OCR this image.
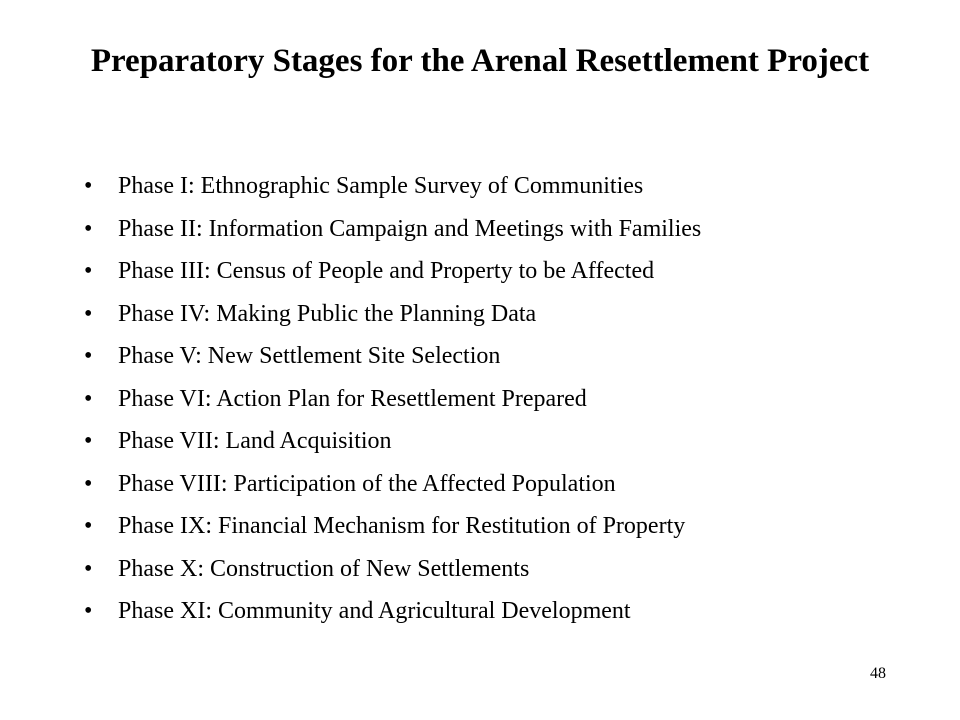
Preparatory Stages for the Arenal Resettlement Project
•	Phase I: Ethnographic Sample Survey of Communities
•	Phase II: Information Campaign and Meetings with Families
•	Phase III: Census of People and Property to be Affected
•	Phase IV: Making Public the Planning Data
•	Phase V: New Settlement Site Selection
•	Phase VI: Action Plan for Resettlement Prepared
•	Phase VII: Land Acquisition
•	Phase VIII: Participation of the Affected Population
•	Phase IX: Financial Mechanism for Restitution of Property
•	Phase X: Construction of New Settlements
•	Phase XI: Community and Agricultural Development
48
